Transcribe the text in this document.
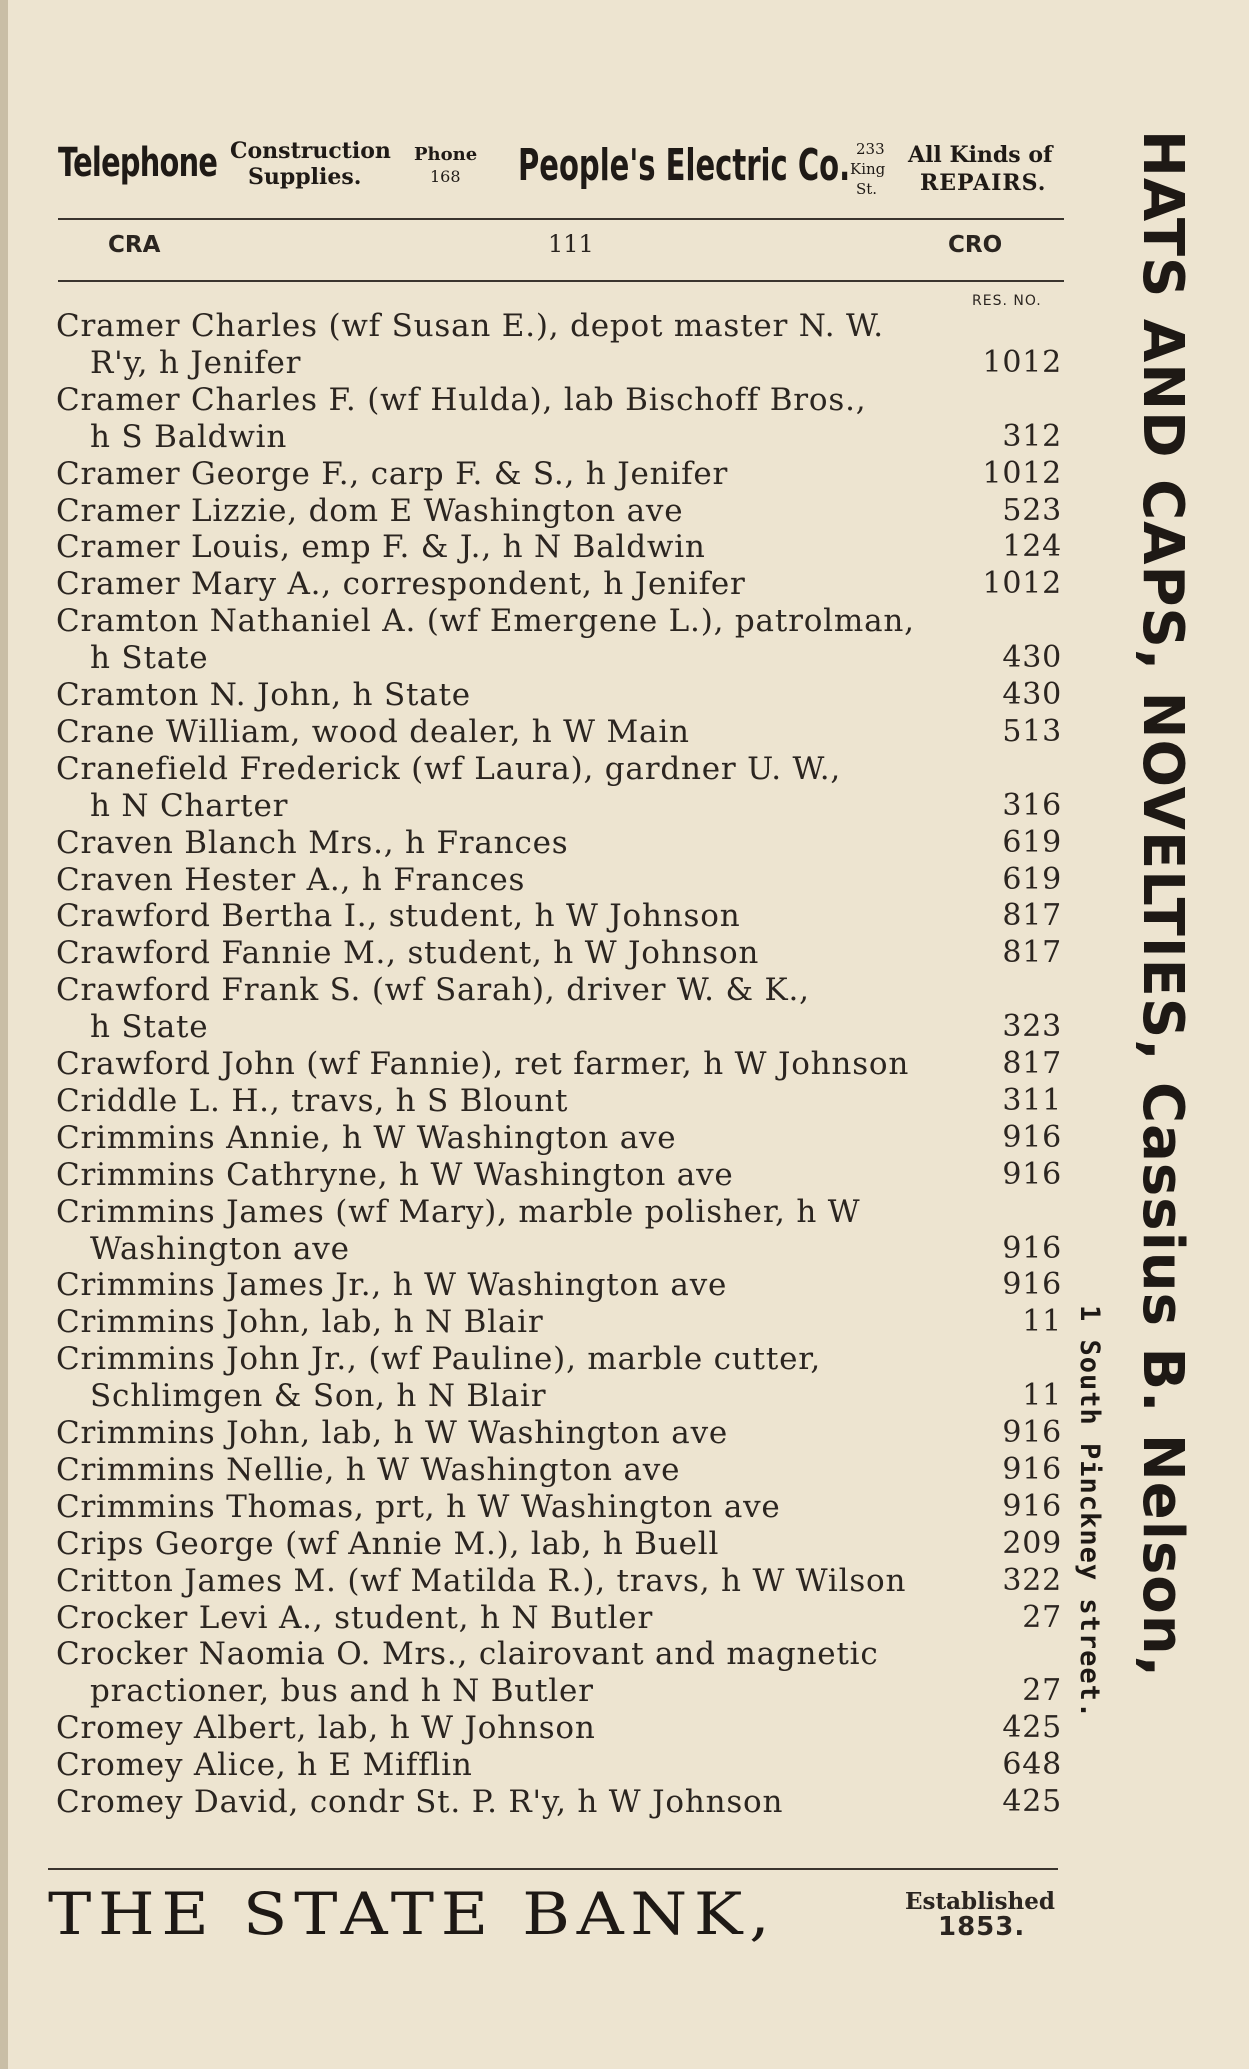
Telephone Construction
Supplies.
Phone
168 People's Electric Co. 233
King
St.
All Kinds of
REPAIRS.
CRA	111	CRO
RES. NO.
Cramer Charles (wf Susan E.), depot master N. W.
R'y, h Jenifer	1012
Cramer Charles F. (wf Hulda), lab Bischoff Bros.,
h S Baldwin	312
Cramer George F., carp F. & S., h Jenifer	1012
Cramer Lizzie, dom E Washington ave	523
Cramer Louis, emp F. & J., h N Baldwin	124
Cramer Mary A., correspondent, h Jenifer	1012
Cramton Nathaniel A. (wf Emergene L.), patrolman,
h State	430
Cramton N. John, h State	430
Crane William, wood dealer, h W Main	513
Cranefield Frederick (wf Laura), gardner U. W.,
h N Charter	316
Craven Blanch Mrs., h Frances	619
Craven Hester A., h Frances	619
Crawford Bertha I., student, h W Johnson	817
Crawford Fannie M., student, h W Johnson	817
Crawford Frank S. (wf Sarah), driver W. & K.,
h State	323
Crawford John (wf Fannie), ret farmer, h W Johnson	817
Criddle L. H., travs, h S Blount	311
Crimmins Annie, h W Washington ave	916
Crimmins Cathryne, h W Washington ave	916
Crimmins James (wf Mary), marble polisher, h W
Washington ave	916
Crimmins James Jr., h W Washington ave	916
Crimmins John, lab, h N Blair	11
Crimmins John Jr., (wf Pauline), marble cutter,
Schlimgen & Son, h N Blair	11
Crimmins John, lab, h W Washington ave	916
Crimmins Nellie, h W Washington ave	916
Crimmins Thomas, prt, h W Washington ave	916
Crips George (wf Annie M.), lab, h Buell	209
Critton James M. (wf Matilda R.), travs, h W Wilson	322
Crocker Levi A., student, h N Butler	27
Crocker Naomia O. Mrs., clairovant and magnetic
practioner, bus and h N Butler	27
Cromey Albert, lab, h W Johnson	425
Cromey Alice, h E Mifflin	648
Cromey David, condr St. P. R'y, h W Johnson	425
HATS AND CAPS, NOVELTIES, Cassius B. Nelson,
1 South Pinckney street.
THE STATE BANK,	Established
1853.
